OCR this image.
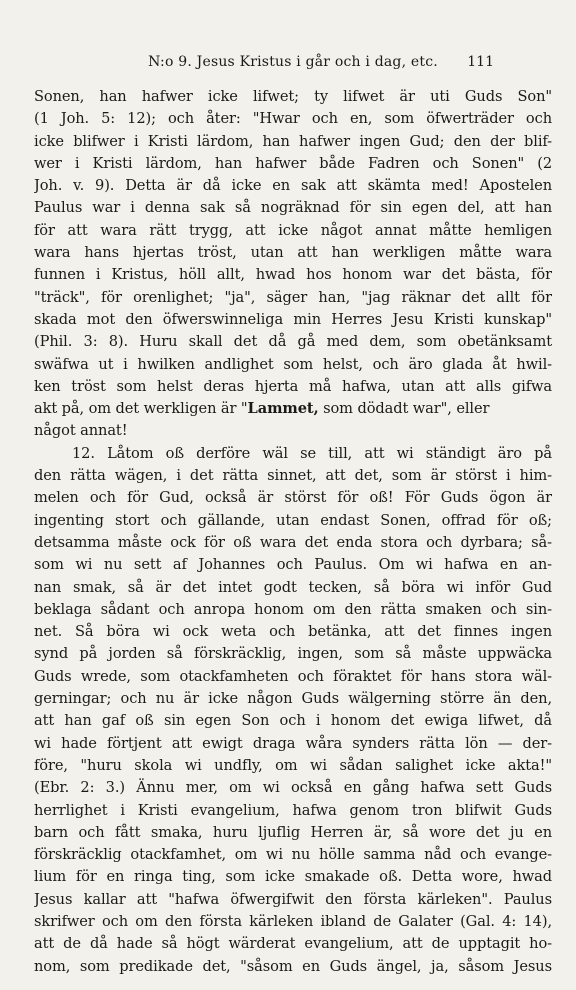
N:o 9. Jesus Kristus i går och i dag, etc.	111
Sonen, han hafwer icke lifwet; ty lifwet är uti Guds Son"
(1 Joh. 5: 12); och åter: "Hwar och en, som öfwerträder och
icke blifwer i Kristi lärdom, han hafwer ingen Gud; den der blif-
wer i Kristi lärdom, han hafwer både Fadren och Sonen" (2
Joh. v. 9). Detta är då icke en sak att skämta med! Apostelen
Paulus war i denna sak så nogräknad för sin egen del, att han
för att wara rätt trygg, att icke något annat måtte hemligen
wara hans hjertas tröst, utan att han werkligen måtte wara
funnen i Kristus, höll allt, hwad hos honom war det bästa, för
"träck", för orenlighet; "ja", säger han, "jag räknar det allt för
skada mot den öfwerswinneliga min Herres Jesu Kristi kunskap"
(Phil. 3: 8). Huru skall det då gå med dem, som obetänksamt
swäfwa ut i hwilken andlighet som helst, och äro glada åt hwil-
ken tröst som helst deras hjerta må hafwa, utan att alls gifwa
akt på, om det werkligen är "Lammet, som dödadt war", eller
något annat!
12. Låtom oß derföre wäl se till, att wi ständigt äro på
den rätta wägen, i det rätta sinnet, att det, som är störst i him-
melen och för Gud, också är störst för oß! För Guds ögon är
ingenting stort och gällande, utan endast Sonen, offrad för oß;
detsamma måste ock för oß wara det enda stora och dyrbara; så-
som wi nu sett af Johannes och Paulus. Om wi hafwa en an-
nan smak, så är det intet godt tecken, så böra wi inför Gud
beklaga sådant och anropa honom om den rätta smaken och sin-
net. Så böra wi ock weta och betänka, att det finnes ingen
synd på jorden så förskräcklig, ingen, som så måste uppwäcka
Guds wrede, som otackfamheten och föraktet för hans stora wäl-
gerningar; och nu är icke någon Guds wälgerning större än den,
att han gaf oß sin egen Son och i honom det ewiga lifwet, då
wi hade förtjent att ewigt draga wåra synders rätta lön — der-
före, "huru skola wi undfly, om wi sådan salighet icke akta!"
(Ebr. 2: 3.) Ännu mer, om wi också en gång hafwa sett Guds
herrlighet i Kristi evangelium, hafwa genom tron blifwit Guds
barn och fått smaka, huru ljuflig Herren är, så wore det ju en
förskräcklig otackfamhet, om wi nu hölle samma nåd och evange-
lium för en ringa ting, som icke smakade oß. Detta wore, hwad
Jesus kallar att "hafwa öfwergifwit den första kärleken". Paulus
skrifwer och om den första kärleken ibland de Galater (Gal. 4: 14),
att de då hade så högt wärderat evangelium, att de upptagit ho-
nom, som predikade det, "såsom en Guds ängel, ja, såsom Jesus
